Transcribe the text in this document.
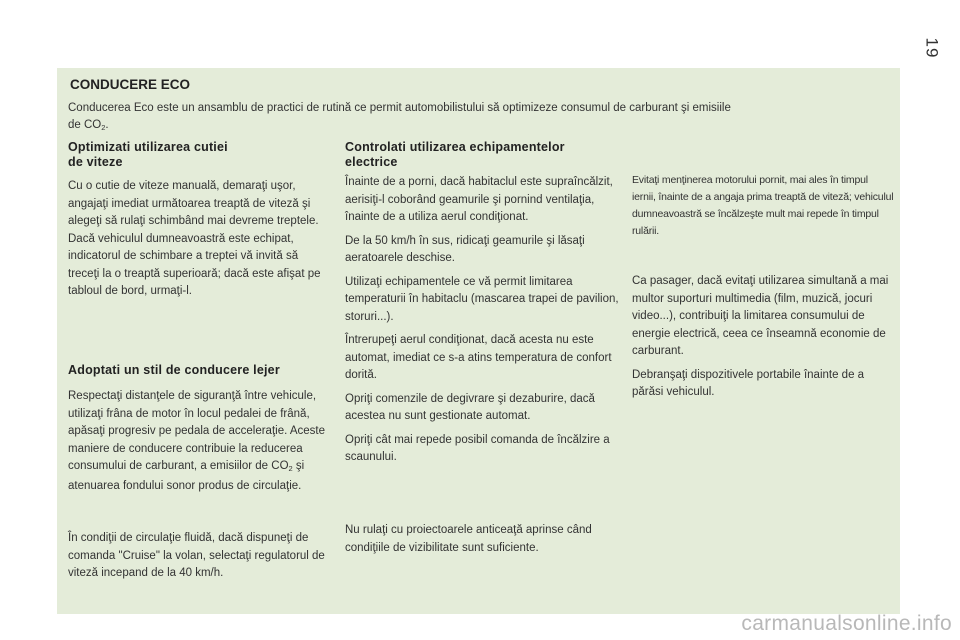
19
CONDUCERE ECO
Conducerea Eco este un ansamblu de practici de rutină ce permit automobilistului să optimizeze consumul de carburant şi emisiile
de $CO_2$.
Optimizati utilizarea cutiei
de viteze

Cu o cutie de viteze manuală, demaraţi uşor, angajaţi imediat următoarea treaptă de viteză şi alegeţi să rulaţi schimbând mai devreme treptele. Dacă vehiculul dumneavoastră este echipat, indicatorul de schimbare a treptei vă invită să treceţi la o treaptă superioară; dacă este afişat pe tabloul de bord, urmaţi-l.

Adoptati un stil de conducere lejer

Respectaţi distanţele de siguranţă între vehicule, utilizaţi frâna de motor în locul pedalei de frână, apăsaţi progresiv pe pedala de acceleraţie. Aceste maniere de conducere contribuie la reducerea consumului de carburant, a emisiilor de $CO_2$ şi atenuarea fondului sonor produs de circulaţie.

În condiţii de circulaţie fluidă, dacă dispuneţi de comanda "Cruise" la volan, selectaţi regulatorul de viteză incepand de la 40 km/h.

Controlati utilizarea echipamentelor
electrice

Înainte de a porni, dacă habitaclul este supraîncălzit, aerisiţi-l coborând geamurile şi pornind ventilaţia, înainte de a utiliza aerul condiţionat.

De la 50 km/h în sus, ridicaţi geamurile şi lăsaţi aeratoarele deschise.

Utilizaţi echipamentele ce vă permit limitarea temperaturii în habitaclu (mascarea trapei de pavilion, storuri...).

Întrerupeţi aerul condiţionat, dacă acesta nu este automat, imediat ce s-a atins temperatura de confort dorită.

Opriţi comenzile de degivrare şi dezaburire, dacă acestea nu sunt gestionate automat.

Opriţi cât mai repede posibil comanda de încălzire a scaunului.

Nu rulaţi cu proiectoarele anticeaţă aprinse când condiţiile de vizibilitate sunt suficiente.

Evitaţi menţinerea motorului pornit, mai ales în timpul iernii, înainte de a angaja prima treaptă de viteză; vehiculul dumneavoastră se încălzeşte mult mai repede în timpul rulării.

Ca pasager, dacă evitaţi utilizarea simultană a mai multor suporturi multimedia (film, muzică, jocuri video...), contribuiţi la limitarea consumului de energie electrică, ceea ce înseamnă economie de carburant.

Debranşaţi dispozitivele portabile înainte de a părăsi vehiculul.

carmanualsonline.info
